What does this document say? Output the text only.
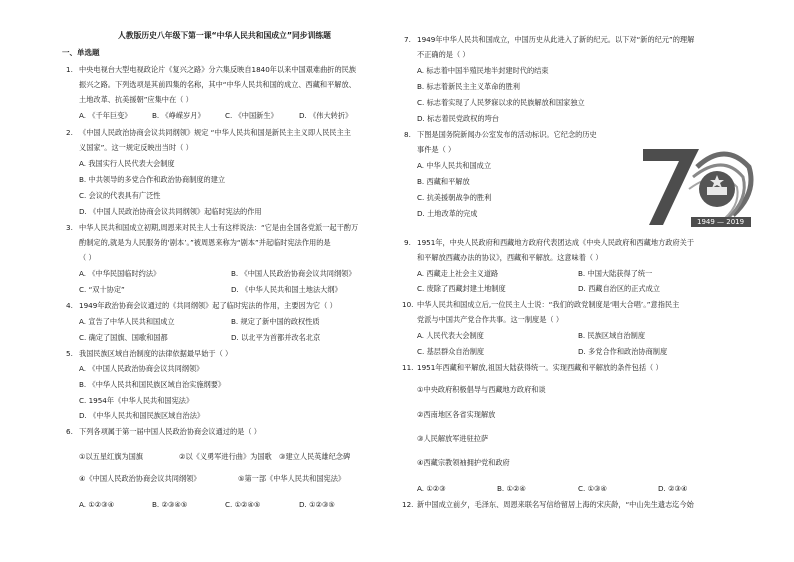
人教版历史八年级下第一课“中华人民共和国成立”同步训练题
一、单选题
1. 中央电视台大型电视政论片《复兴之路》分六集反映自1840年以来中国艰难曲折的民族
振兴之路。下列选项是其前四集的名称，其中“中华人民共和国的成立、西藏和平解放、
土地改革、抗美援朝”应集中在（ ）
A. 《千年巨变》	B. 《峥嵘岁月》	C. 《中国新生》	D. 《伟大转折》
2. 《中国人民政治协商会议共同纲领》规定 “中华人民共和国是新民主主义即人民民主主
义国家”。这一规定反映出当时（ ）
A. 我国实行人民代表大会制度
B. 中共领导的多党合作和政治协商制度的建立
C. 会议的代表具有广泛性
D. 《中国人民政治协商会议共同纲领》起临时宪法的作用
3. 中华人民共和国成立初期,周恩来对民主人士有这样说法：“它是由全国各党派一起干酌万
酌制定的,就是为人民服务的‘剧本’。”被周恩来称为“剧本”并起临时宪法作用的是
（ ）
A. 《中华民国临时约法》	B. 《中国人民政治协商会议共同纲领》
C. “双十协定”	D. 《中华人民共和国土地法大纲》
4. 1949年政治协商会议通过的《共同纲领》起了临时宪法的作用，主要因为它（ ）
A. 宣告了中华人民共和国成立	B. 规定了新中国的政权性质
C. 确定了国旗、国歌和国都	D. 以北平为首都并改名北京
5. 我国民族区域自治制度的法律依据最早始于（ ）
A. 《中国人民政治协商会议共同纲领》
B. 《中华人民共和国民族区域自治实施纲要》
C. 1954年《中华人民共和国宪法》
D. 《中华人民共和国民族区域自治法》
6. 下列各项属于第一届中国人民政治协商会议通过的是（ ）
①以五星红旗为国旗	②以《义勇军进行曲》为国歌 ③建立人民英雄纪念碑
④《中国人民政治协商会议共同纲领》	⑤第一部《中华人民共和国宪法》
A. ①②③④	B. ②③④⑤	C. ①②④⑤	D. ①②③⑤
7. 1949年中华人民共和国成立，中国历史从此进入了新的纪元。以下对“新的纪元”的理解
不正确的是（ ）
A. 标志着中国半殖民地半封建时代的结束
B. 标志着新民主主义革命的胜利
C. 标志着实现了人民梦寐以求的民族解放和国家独立
D. 标志着民党政权的垮台
8. 下图是国务院新闻办公室发布的活动标识。它纪念的历史
事件是（ ）
A. 中华人民共和国成立
B. 西藏和平解放
C. 抗美援朝战争的胜利
D. 土地改革的完成
1949 — 2019
9. 1951年，中央人民政府和西藏地方政府代表团达成《中央人民政府和西藏地方政府关于
和平解放西藏办法的协议》，西藏和平解放。这意味着（ ）
A. 西藏走上社会主义道路	B. 中国大陆获得了统一
C. 废除了西藏封建土地制度	D. 西藏自治区的正式成立
10. 中华人民共和国成立后,一位民主人士说：“我们的政党制度是‘唱大合唱’。”意指民主
党派与中国共产党合作共事。这一制度是（ ）
A. 人民代表大会制度	B. 民族区域自治制度
C. 基层群众自治制度	D. 多党合作和政治协商制度
11. 1951年西藏和平解放,祖国大陆获得统一。实现西藏和平解放的条件包括（ ）
①中央政府积极倡导与西藏地方政府和谈
②西南地区各省实现解放
③人民解放军进驻拉萨
④西藏宗教领袖拥护党和政府
A. ①②③	B. ①②④	C. ①③④	D. ②③④
12. 新中国成立前夕，毛泽东、周恩来联名写信给留居上海的宋庆龄，“中山先生遗志迄今始
